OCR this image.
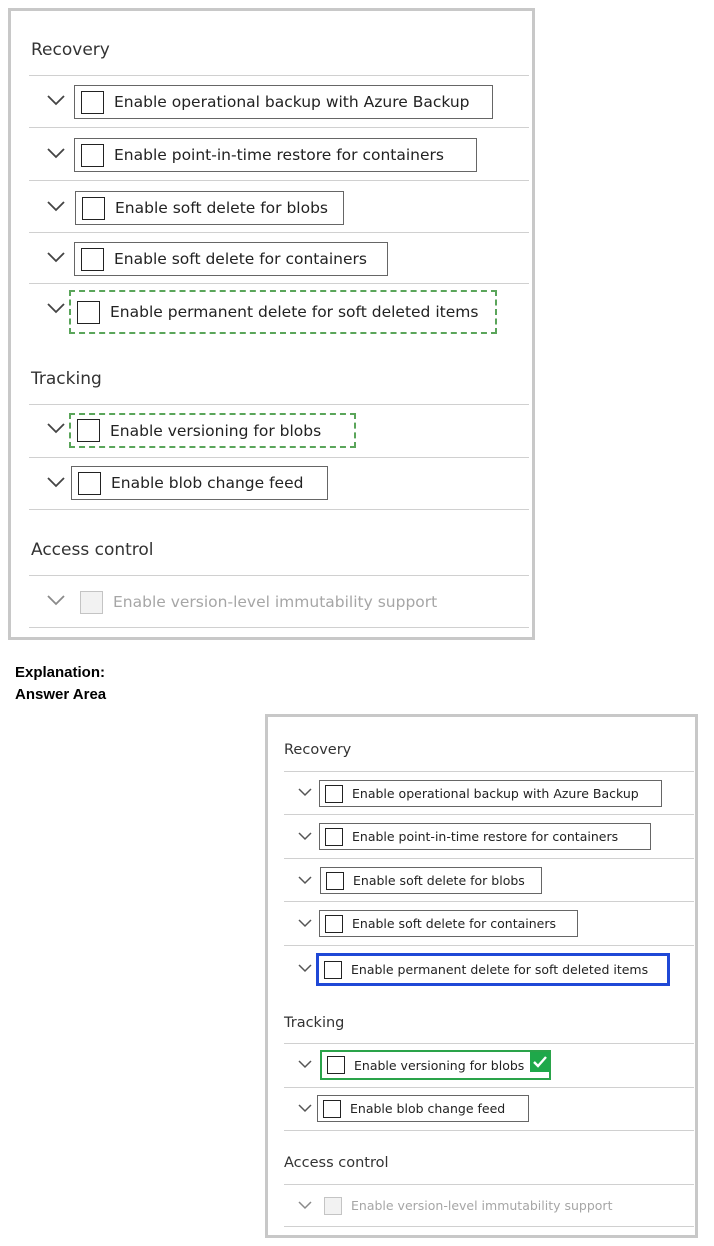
Recovery
Enable operational backup with Azure Backup
Enable point-in-time restore for containers
Enable soft delete for blobs
Enable soft delete for containers
Enable permanent delete for soft deleted items
Tracking
Enable versioning for blobs
Enable blob change feed
Access control
Enable version-level immutability support
Explanation:
Answer Area
Recovery
Enable operational backup with Azure Backup
Enable point-in-time restore for containers
Enable soft delete for blobs
Enable soft delete for containers
Enable permanent delete for soft deleted items
Tracking
Enable versioning for blobs
Enable blob change feed
Access control
Enable version-level immutability support
